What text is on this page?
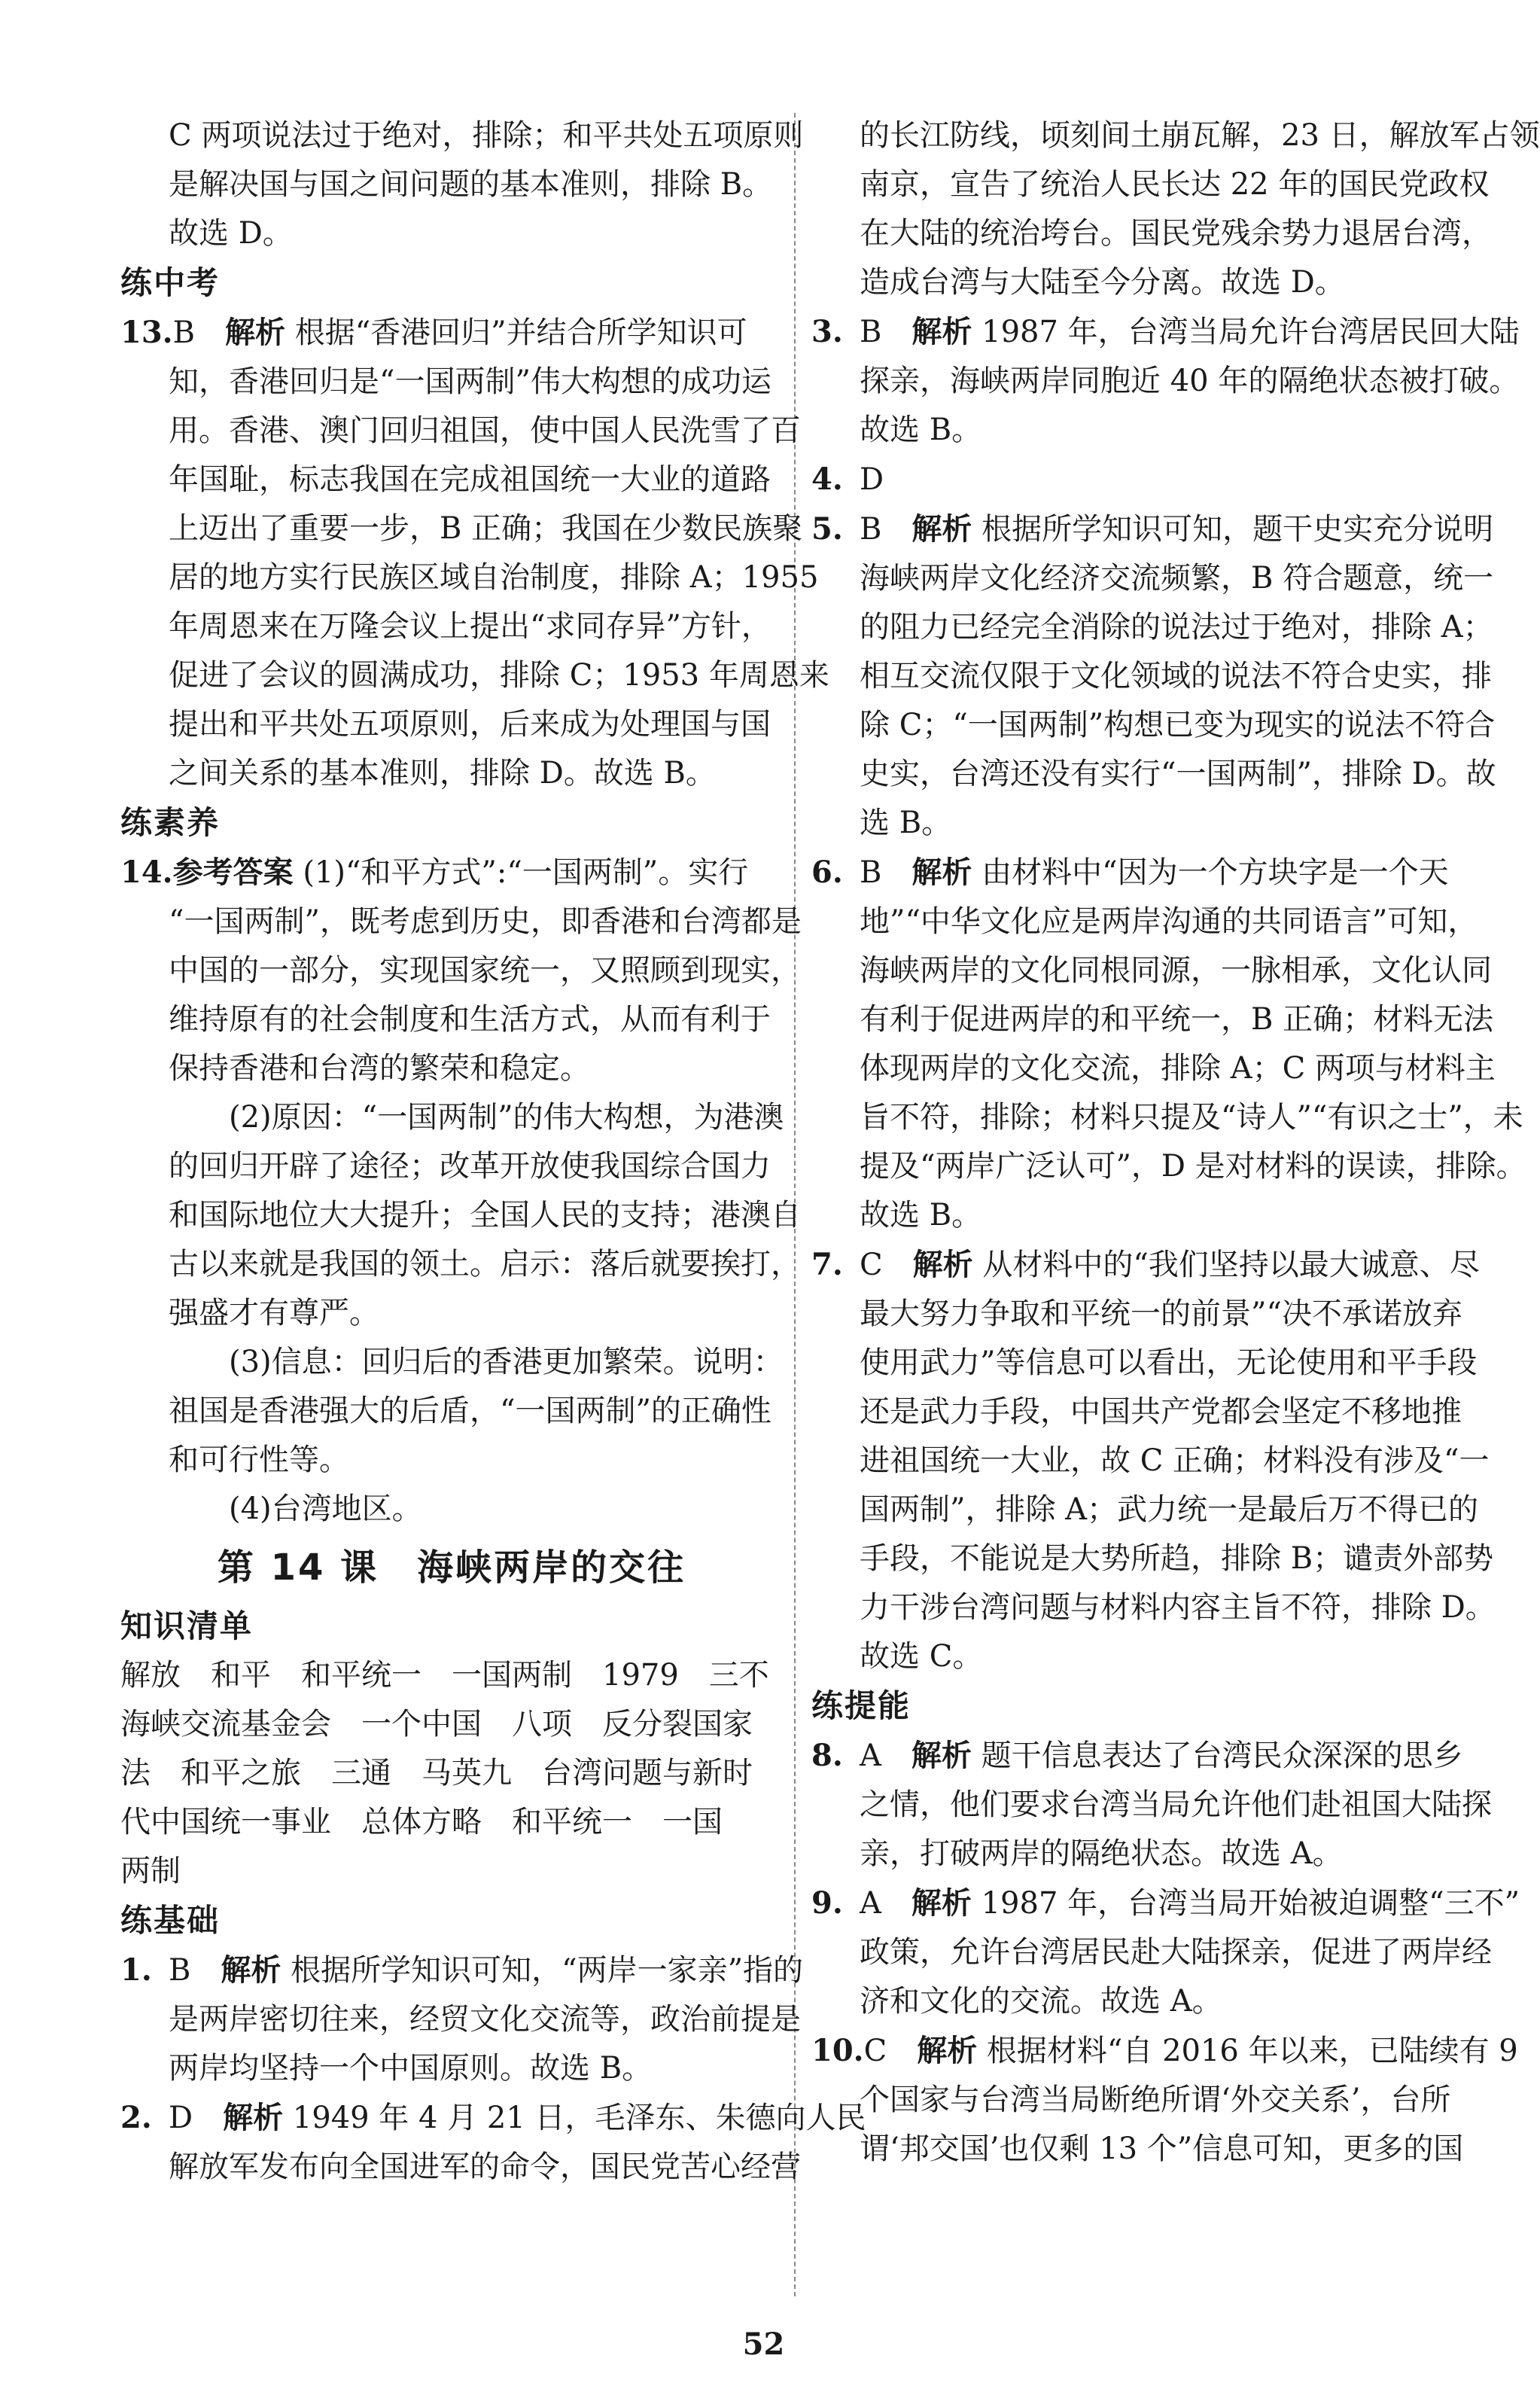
C 两项说法过于绝对，排除；和平共处五项原则

是解决国与国之间问题的基本准则，排除 B。

故选 D。

练中考

13.B　 解析 根据“香港回归”并结合所学知识可

知，香港回归是“一国两制”伟大构想的成功运

用。香港、澳门回归祖国，使中国人民洗雪了百

年国耻，标志我国在完成祖国统一大业的道路

上迈出了重要一步，B 正确；我国在少数民族聚

居的地方实行民族区域自治制度，排除 A；1955

年周恩来在万隆会议上提出“求同存异”方针，

促进了会议的圆满成功，排除 C；1953 年周恩来

提出和平共处五项原则，后来成为处理国与国

之间关系的基本准则，排除 D。故选 B。

练素养

14.参考答案 (1)“和平方式”:“一国两制”。实行

“一国两制”，既考虑到历史，即香港和台湾都是

中国的一部分，实现国家统一，又照顾到现实，

维持原有的社会制度和生活方式，从而有利于

保持香港和台湾的繁荣和稳定。

(2)原因：“一国两制”的伟大构想，为港澳

的回归开辟了途径；改革开放使我国综合国力

和国际地位大大提升；全国人民的支持；港澳自

古以来就是我国的领土。启示：落后就要挨打，

强盛才有尊严。

(3)信息：回归后的香港更加繁荣。说明：

祖国是香港强大的后盾，“一国两制”的正确性

和可行性等。

(4)台湾地区。

第 14 课　海峡两岸的交往
知识清单

解放　和平　和平统一　一国两制　1979　三不

海峡交流基金会　一个中国　八项　反分裂国家

法　和平之旅　三通　马英九　台湾问题与新时

代中国统一事业　总体方略　和平统一　一国

两制

练基础

1. B　 解析 根据所学知识可知，“两岸一家亲”指的

是两岸密切往来，经贸文化交流等，政治前提是

两岸均坚持一个中国原则。故选 B。

2. D　 解析 1949 年 4 月 21 日，毛泽东、朱德向人民

解放军发布向全国进军的命令，国民党苦心经营

的长江防线，顷刻间土崩瓦解，23 日，解放军占领

南京，宣告了统治人民长达 22 年的国民党政权

在大陆的统治垮台。国民党残余势力退居台湾，

造成台湾与大陆至今分离。故选 D。

3. B　 解析 1987 年，台湾当局允许台湾居民回大陆

探亲，海峡两岸同胞近 40 年的隔绝状态被打破。

故选 B。

4. D

5. B　 解析 根据所学知识可知，题干史实充分说明

海峡两岸文化经济交流频繁，B 符合题意，统一

的阻力已经完全消除的说法过于绝对，排除 A；

相互交流仅限于文化领域的说法不符合史实，排

除 C；“一国两制”构想已变为现实的说法不符合

史实，台湾还没有实行“一国两制”，排除 D。故

选 B。

6. B　 解析 由材料中“因为一个方块字是一个天

地”“中华文化应是两岸沟通的共同语言”可知，

海峡两岸的文化同根同源，一脉相承，文化认同

有利于促进两岸的和平统一，B 正确；材料无法

体现两岸的文化交流，排除 A；C 两项与材料主

旨不符，排除；材料只提及“诗人”“有识之士”，未

提及“两岸广泛认可”，D 是对材料的误读，排除。

故选 B。

7. C　 解析 从材料中的“我们坚持以最大诚意、尽

最大努力争取和平统一的前景”“决不承诺放弃

使用武力”等信息可以看出，无论使用和平手段

还是武力手段，中国共产党都会坚定不移地推

进祖国统一大业，故 C 正确；材料没有涉及“一

国两制”，排除 A；武力统一是最后万不得已的

手段，不能说是大势所趋，排除 B；谴责外部势

力干涉台湾问题与材料内容主旨不符，排除 D。

故选 C。

练提能

8. A　 解析 题干信息表达了台湾民众深深的思乡

之情，他们要求台湾当局允许他们赴祖国大陆探

亲，打破两岸的隔绝状态。故选 A。

9. A　 解析 1987 年，台湾当局开始被迫调整“三不”

政策，允许台湾居民赴大陆探亲，促进了两岸经

济和文化的交流。故选 A。

10.C　 解析 根据材料“自 2016 年以来，已陆续有 9

个国家与台湾当局断绝所谓‘外交关系’，台所

谓‘邦交国’也仅剩 13 个”信息可知，更多的国

52
